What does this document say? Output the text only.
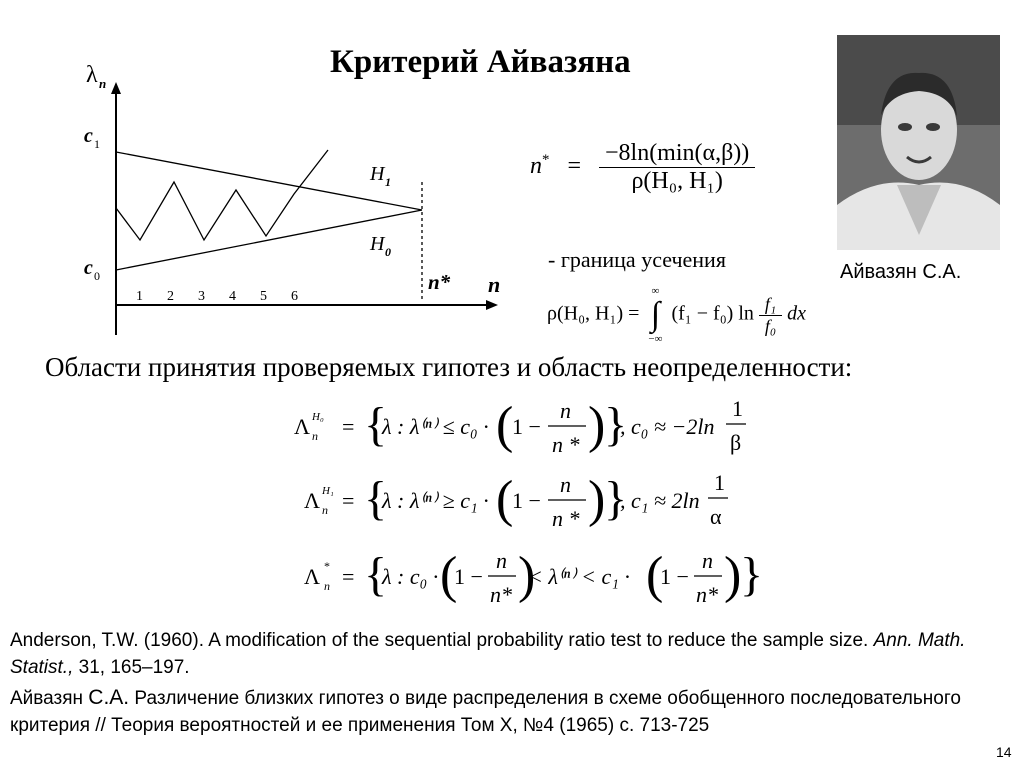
Критерий Айвазяна
Айвазян С.А.
λ n
c 1
c 0
H 1
H 0
n* n
1 2 3 4 5 6
$n^* = \frac{-8\ln(\min(\alpha,\beta))}{\text{ρ(H₀, H₁)}}$
- граница усечения
ρ(H₀, H₁) =
∞
∫
−∞
(f₁ − f₀) $\ln \frac{\text{f₁}}{\text{f₀}}$ dx
Области принятия проверяемых гипотез и область неопределенности:
Λ H₀
n = {
λ : λ⁽ⁿ⁾ ≤ c₀ · (
1 −
n
n * )
}
, c₀ ≈ −2ln
1
β
Λ H₁
n = {
λ : λ⁽ⁿ⁾ ≥ c₁ · (
1 −
n
n * )
}
, c₁ ≈ 2ln
1
α
Λ *
n = {
λ : c₀ · (
1 −
n
n* )
< λ⁽ⁿ⁾ < c₁ · (
1 −
n
n* )
}
Anderson, T.W. (1960). A modification of the sequential probability ratio test to reduce the sample size. Ann. Math. Statist., 31, 165–197.
Айвазян С.А. Различение близких гипотез о виде распределения в схеме обобщенного последовательного критерия // Теория вероятностей и ее применения Том X, №4 (1965) с. 713-725
14
